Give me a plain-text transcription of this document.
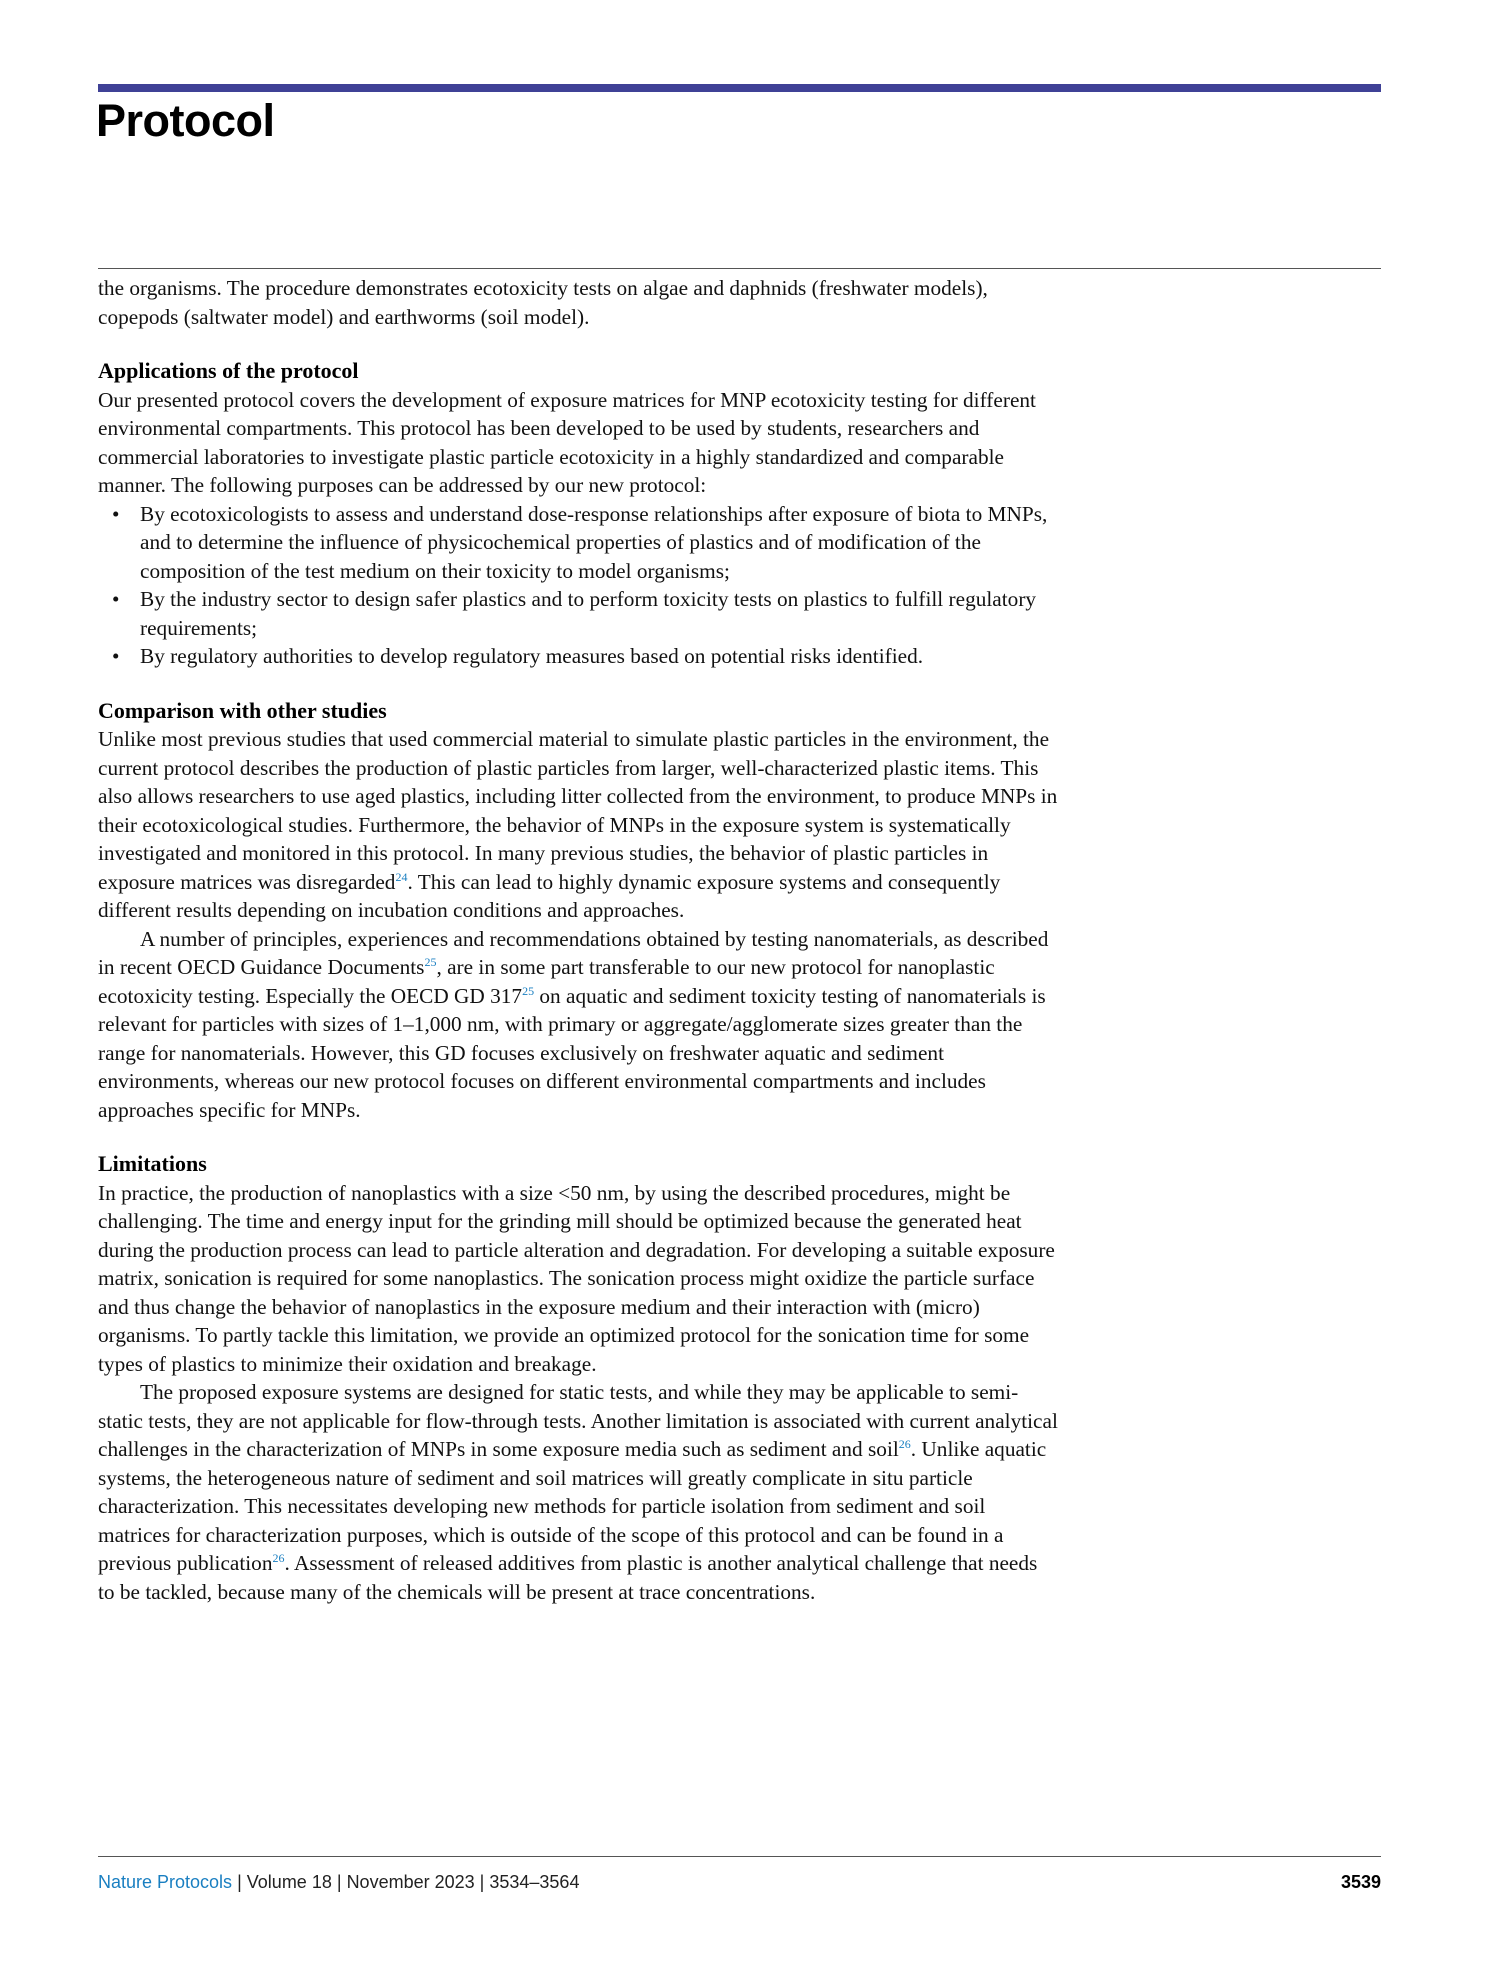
Protocol

the organisms. The procedure demonstrates ecotoxicity tests on algae and daphnids (freshwater models), copepods (saltwater model) and earthworms (soil model).

Applications of the protocol

Our presented protocol covers the development of exposure matrices for MNP ecotoxicity testing for different environmental compartments. This protocol has been developed to be used by students, researchers and commercial laboratories to investigate plastic particle ecotoxicity in a highly standardized and comparable manner. The following purposes can be addressed by our new protocol:

• By ecotoxicologists to assess and understand dose-response relationships after exposure of biota to MNPs, and to determine the influence of physicochemical properties of plastics and of modification of the composition of the test medium on their toxicity to model organisms;
• By the industry sector to design safer plastics and to perform toxicity tests on plastics to fulfill regulatory requirements;
• By regulatory authorities to develop regulatory measures based on potential risks identified.
Comparison with other studies

Unlike most previous studies that used commercial material to simulate plastic particles in the environment, the current protocol describes the production of plastic particles from larger, well-characterized plastic items. This also allows researchers to use aged plastics, including litter collected from the environment, to produce MNPs in their ecotoxicological studies. Furthermore, the behavior of MNPs in the exposure system is systematically investigated and monitored in this protocol. In many previous studies, the behavior of plastic particles in exposure matrices was disregarded$^{24}$. This can lead to highly dynamic exposure systems and consequently different results depending on incubation conditions and approaches.

A number of principles, experiences and recommendations obtained by testing nanomaterials, as described in recent OECD Guidance Documents$^{25}$, are in some part transferable to our new protocol for nanoplastic ecotoxicity testing. Especially the OECD GD $317^{25}$ on aquatic and sediment toxicity testing of nanomaterials is relevant for particles with sizes of 1–1,000 nm, with primary or aggregate/agglomerate sizes greater than the range for nanomaterials. However, this GD focuses exclusively on freshwater aquatic and sediment environments, whereas our new protocol focuses on different environmental compartments and includes approaches specific for MNPs.

Limitations

In practice, the production of nanoplastics with a size <50 nm, by using the described procedures, might be challenging. The time and energy input for the grinding mill should be optimized because the generated heat during the production process can lead to particle alteration and degradation. For developing a suitable exposure matrix, sonication is required for some nanoplastics. The sonication process might oxidize the particle surface and thus change the behavior of nanoplastics in the exposure medium and their interaction with (micro) organisms. To partly tackle this limitation, we provide an optimized protocol for the sonication time for some types of plastics to minimize their oxidation and breakage.

The proposed exposure systems are designed for static tests, and while they may be applicable to semi-static tests, they are not applicable for flow-through tests. Another limitation is associated with current analytical challenges in the characterization of MNPs in some exposure media such as sediment and soil$^{26}$. Unlike aquatic systems, the heterogeneous nature of sediment and soil matrices will greatly complicate in situ particle characterization. This necessitates developing new methods for particle isolation from sediment and soil matrices for characterization purposes, which is outside of the scope of this protocol and can be found in a previous publication$^{26}$. Assessment of released additives from plastic is another analytical challenge that needs to be tackled, because many of the chemicals will be present at trace concentrations.

Nature Protocols | Volume 18 | November 2023 | 3534–3564	3539
